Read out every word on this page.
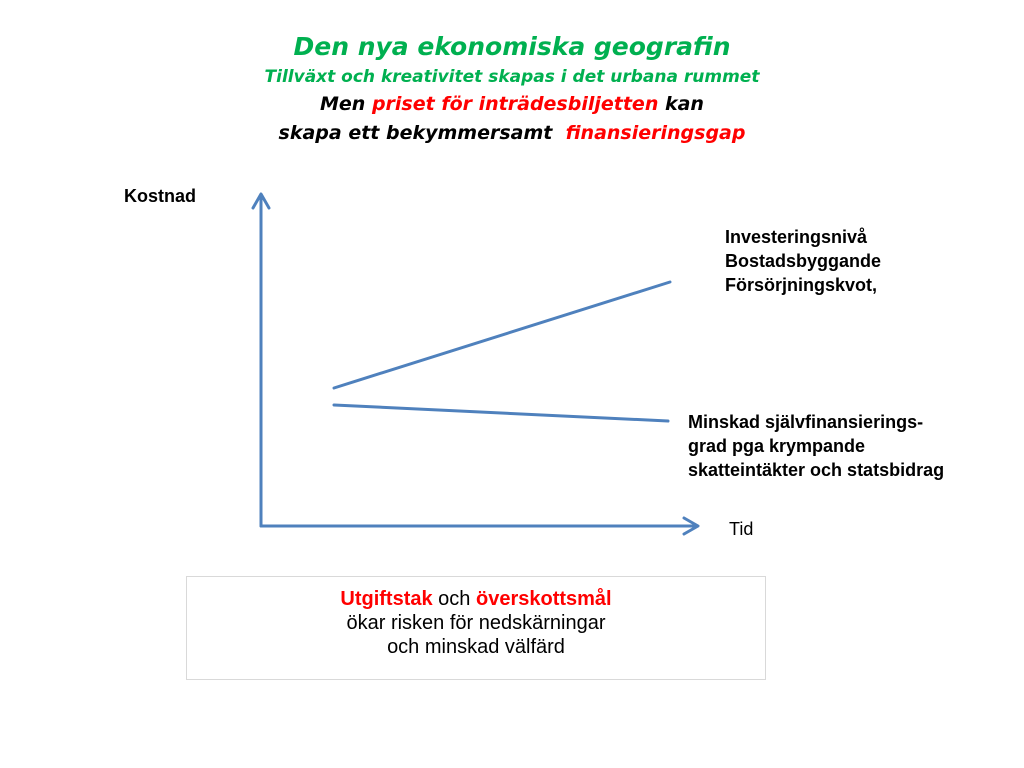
Den nya ekonomiska geografin
Tillväxt och kreativitet skapas i det urbana rummet
Men priset för inträdesbiljetten kan
skapa ett bekymmersamt  finansieringsgap
Kostnad
Tid
Investeringsnivå
Bostadsbyggande
Försörjningskvot,
Minskad självfinansierings-
grad pga krympande
skatteintäkter och statsbidrag
Utgiftstak och överskottsmål
ökar risken för nedskärningar
och minskad välfärd
